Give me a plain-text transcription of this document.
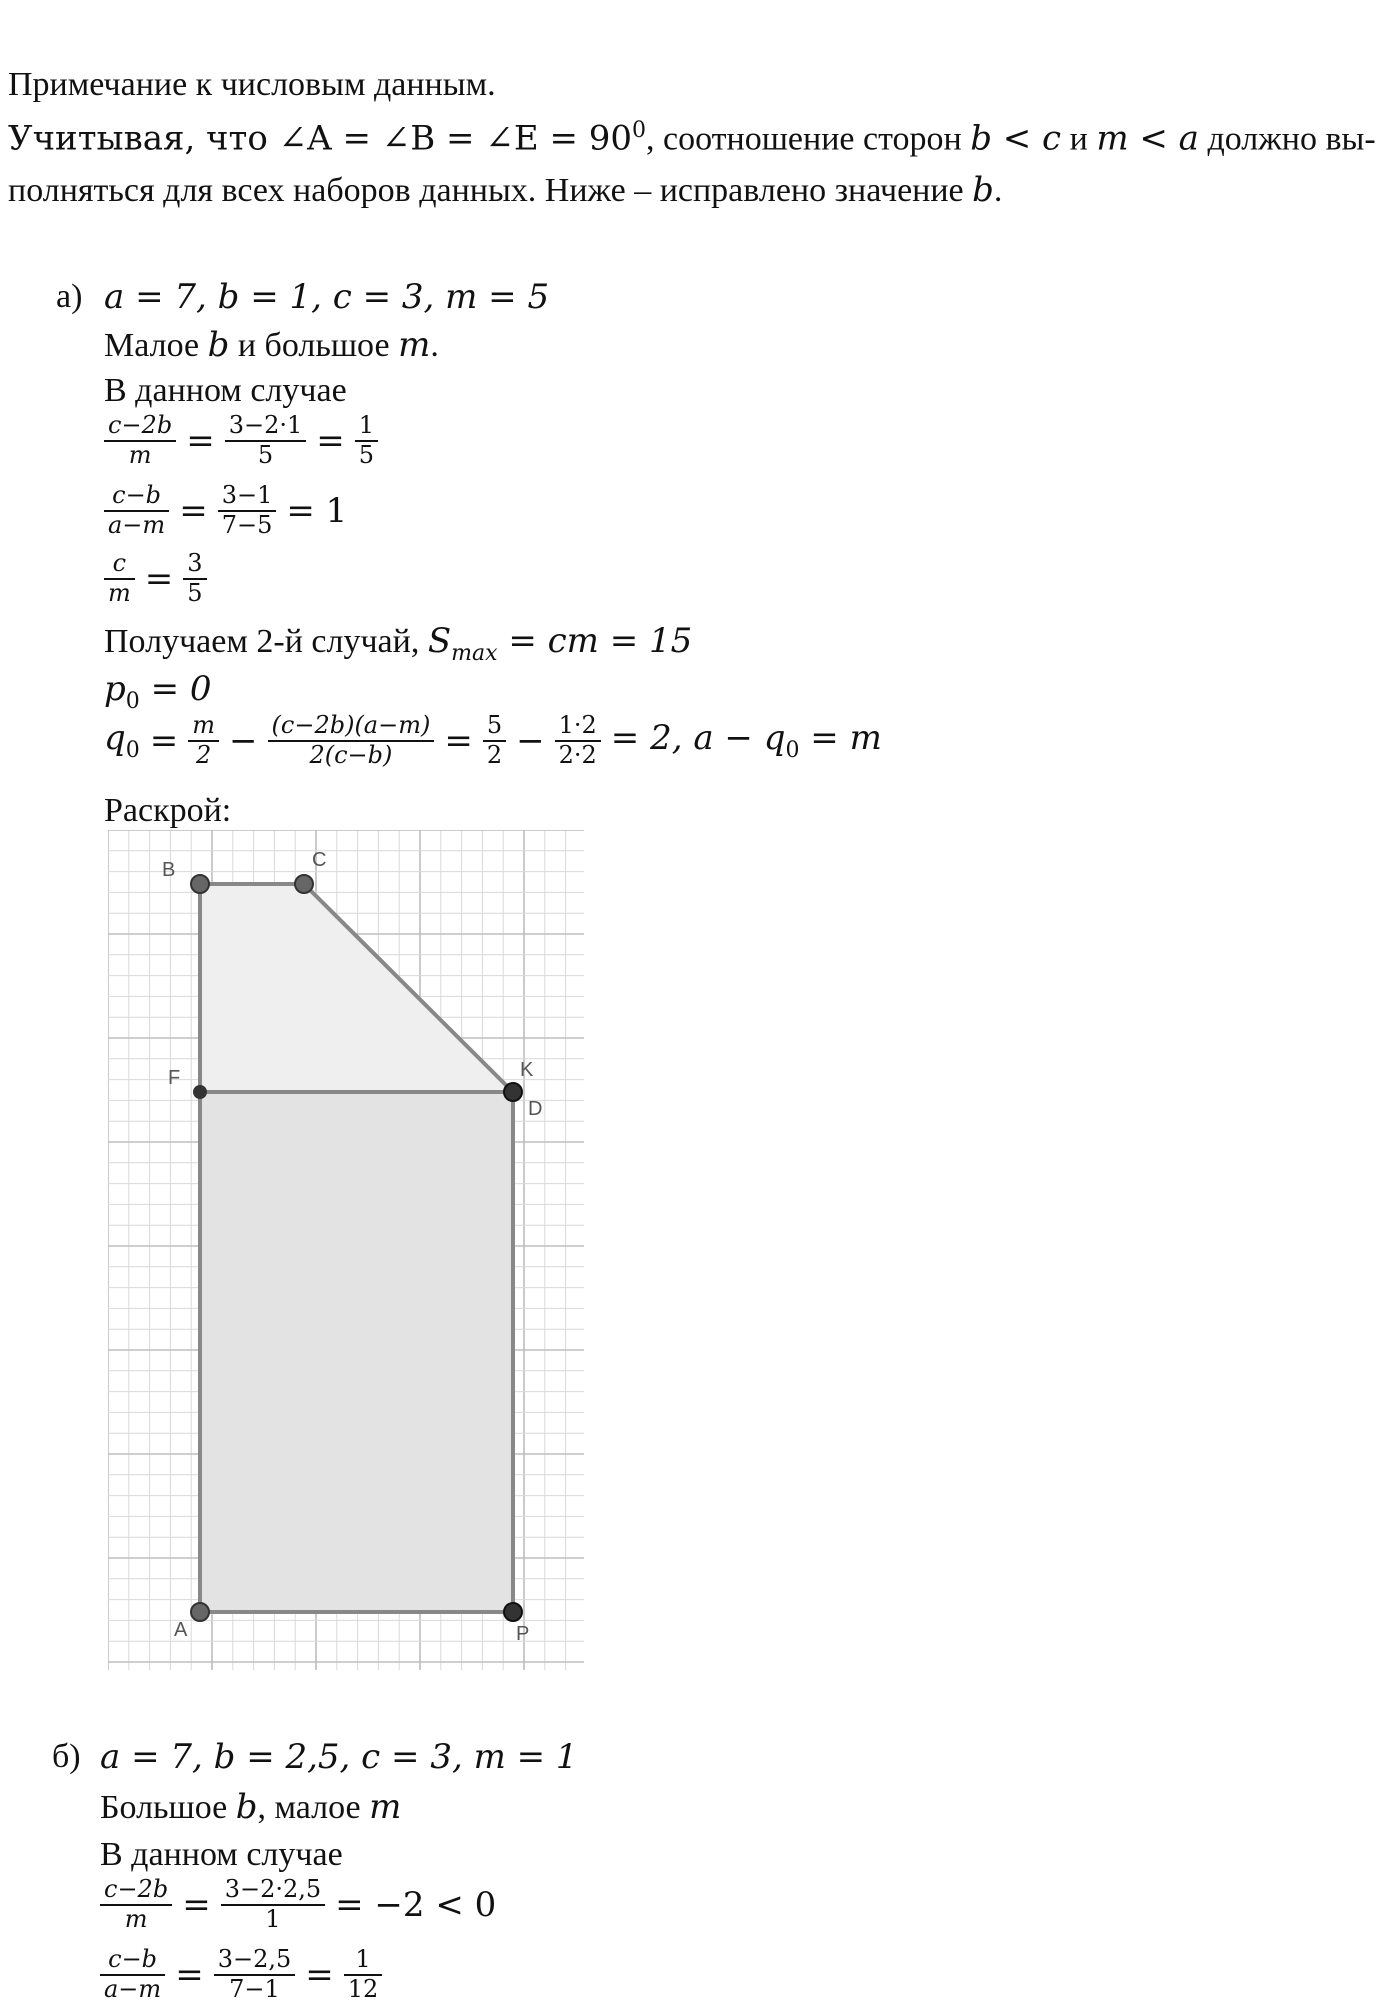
Примечание к числовым данным.
Учитывая, что ∠A = ∠B = ∠E = $90^0$, соотношение сторон b < c и m < a должно вы-
полняться для всех наборов данных. Ниже – исправлено значение b.
а) a = 7, b = 1, c = 3, m = 5
Малое b и большое m.
В данном случае
$\frac{c-2b}{m} = \frac{3-2\cdot 1}{5} = \frac{1}{5}$
$\frac{c-b}{a-m} = \frac{3-1}{7-5} = 1$
$\frac{c}{m} = \frac{3}{5}$
Получаем 2-й случай, $S_{max}$ = cm = 15
$p_0 = 0$
$q_0 = \frac{m}{2} - \frac{(c-2b)(a-m)}{2(c-b)} = \frac{5}{2} - \frac{1\cdot 2}{2\cdot 2} = 2$, $a - q_0 = m$
Раскрой:
B	C
F	K
D
A	P
б) a = 7, b = 2,5, c = 3, m = 1
Большое b, малое m
В данном случае
$\frac{c-2b}{m} = \frac{3-2\cdot 2,5}{1} = -2 < 0$
$\frac{c-b}{a-m} = \frac{3-2,5}{7-1} = \frac{1}{12}$
